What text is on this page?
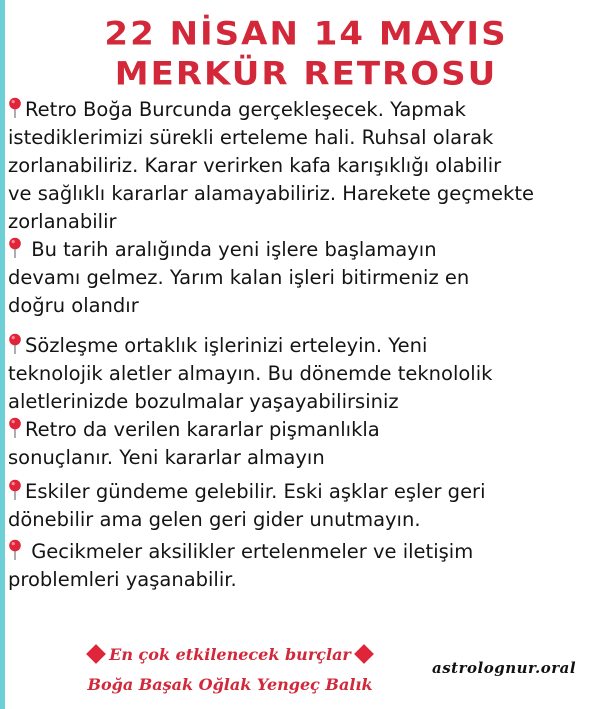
22 NİSAN 14 MAYIS
MERKÜR RETROSU
Retro Boğa Burcunda gerçekleşecek. Yapmak
istediklerimizi sürekli erteleme hali. Ruhsal olarak
zorlanabiliriz. Karar verirken kafa karışıklığı olabilir
ve sağlıklı kararlar alamayabiliriz. Harekete geçmekte
zorlanabilir
Bu tarih aralığında yeni işlere başlamayın
devamı gelmez. Yarım kalan işleri bitirmeniz en
doğru olandır
Sözleşme ortaklık işlerinizi erteleyin. Yeni
teknolojik aletler almayın. Bu dönemde teknololik
aletlerinizde bozulmalar yaşayabilirsiniz
Retro da verilen kararlar pişmanlıkla
sonuçlanır. Yeni kararlar almayın
Eskiler gündeme gelebilir. Eski aşklar eşler geri
dönebilir ama gelen geri gider unutmayın.
Gecikmeler aksilikler ertelenmeler ve iletişim
problemleri yaşanabilir.
En çok etkilenecek burçlar
Boğa Başak Oğlak Yengeç Balık
astrolognur.oral
